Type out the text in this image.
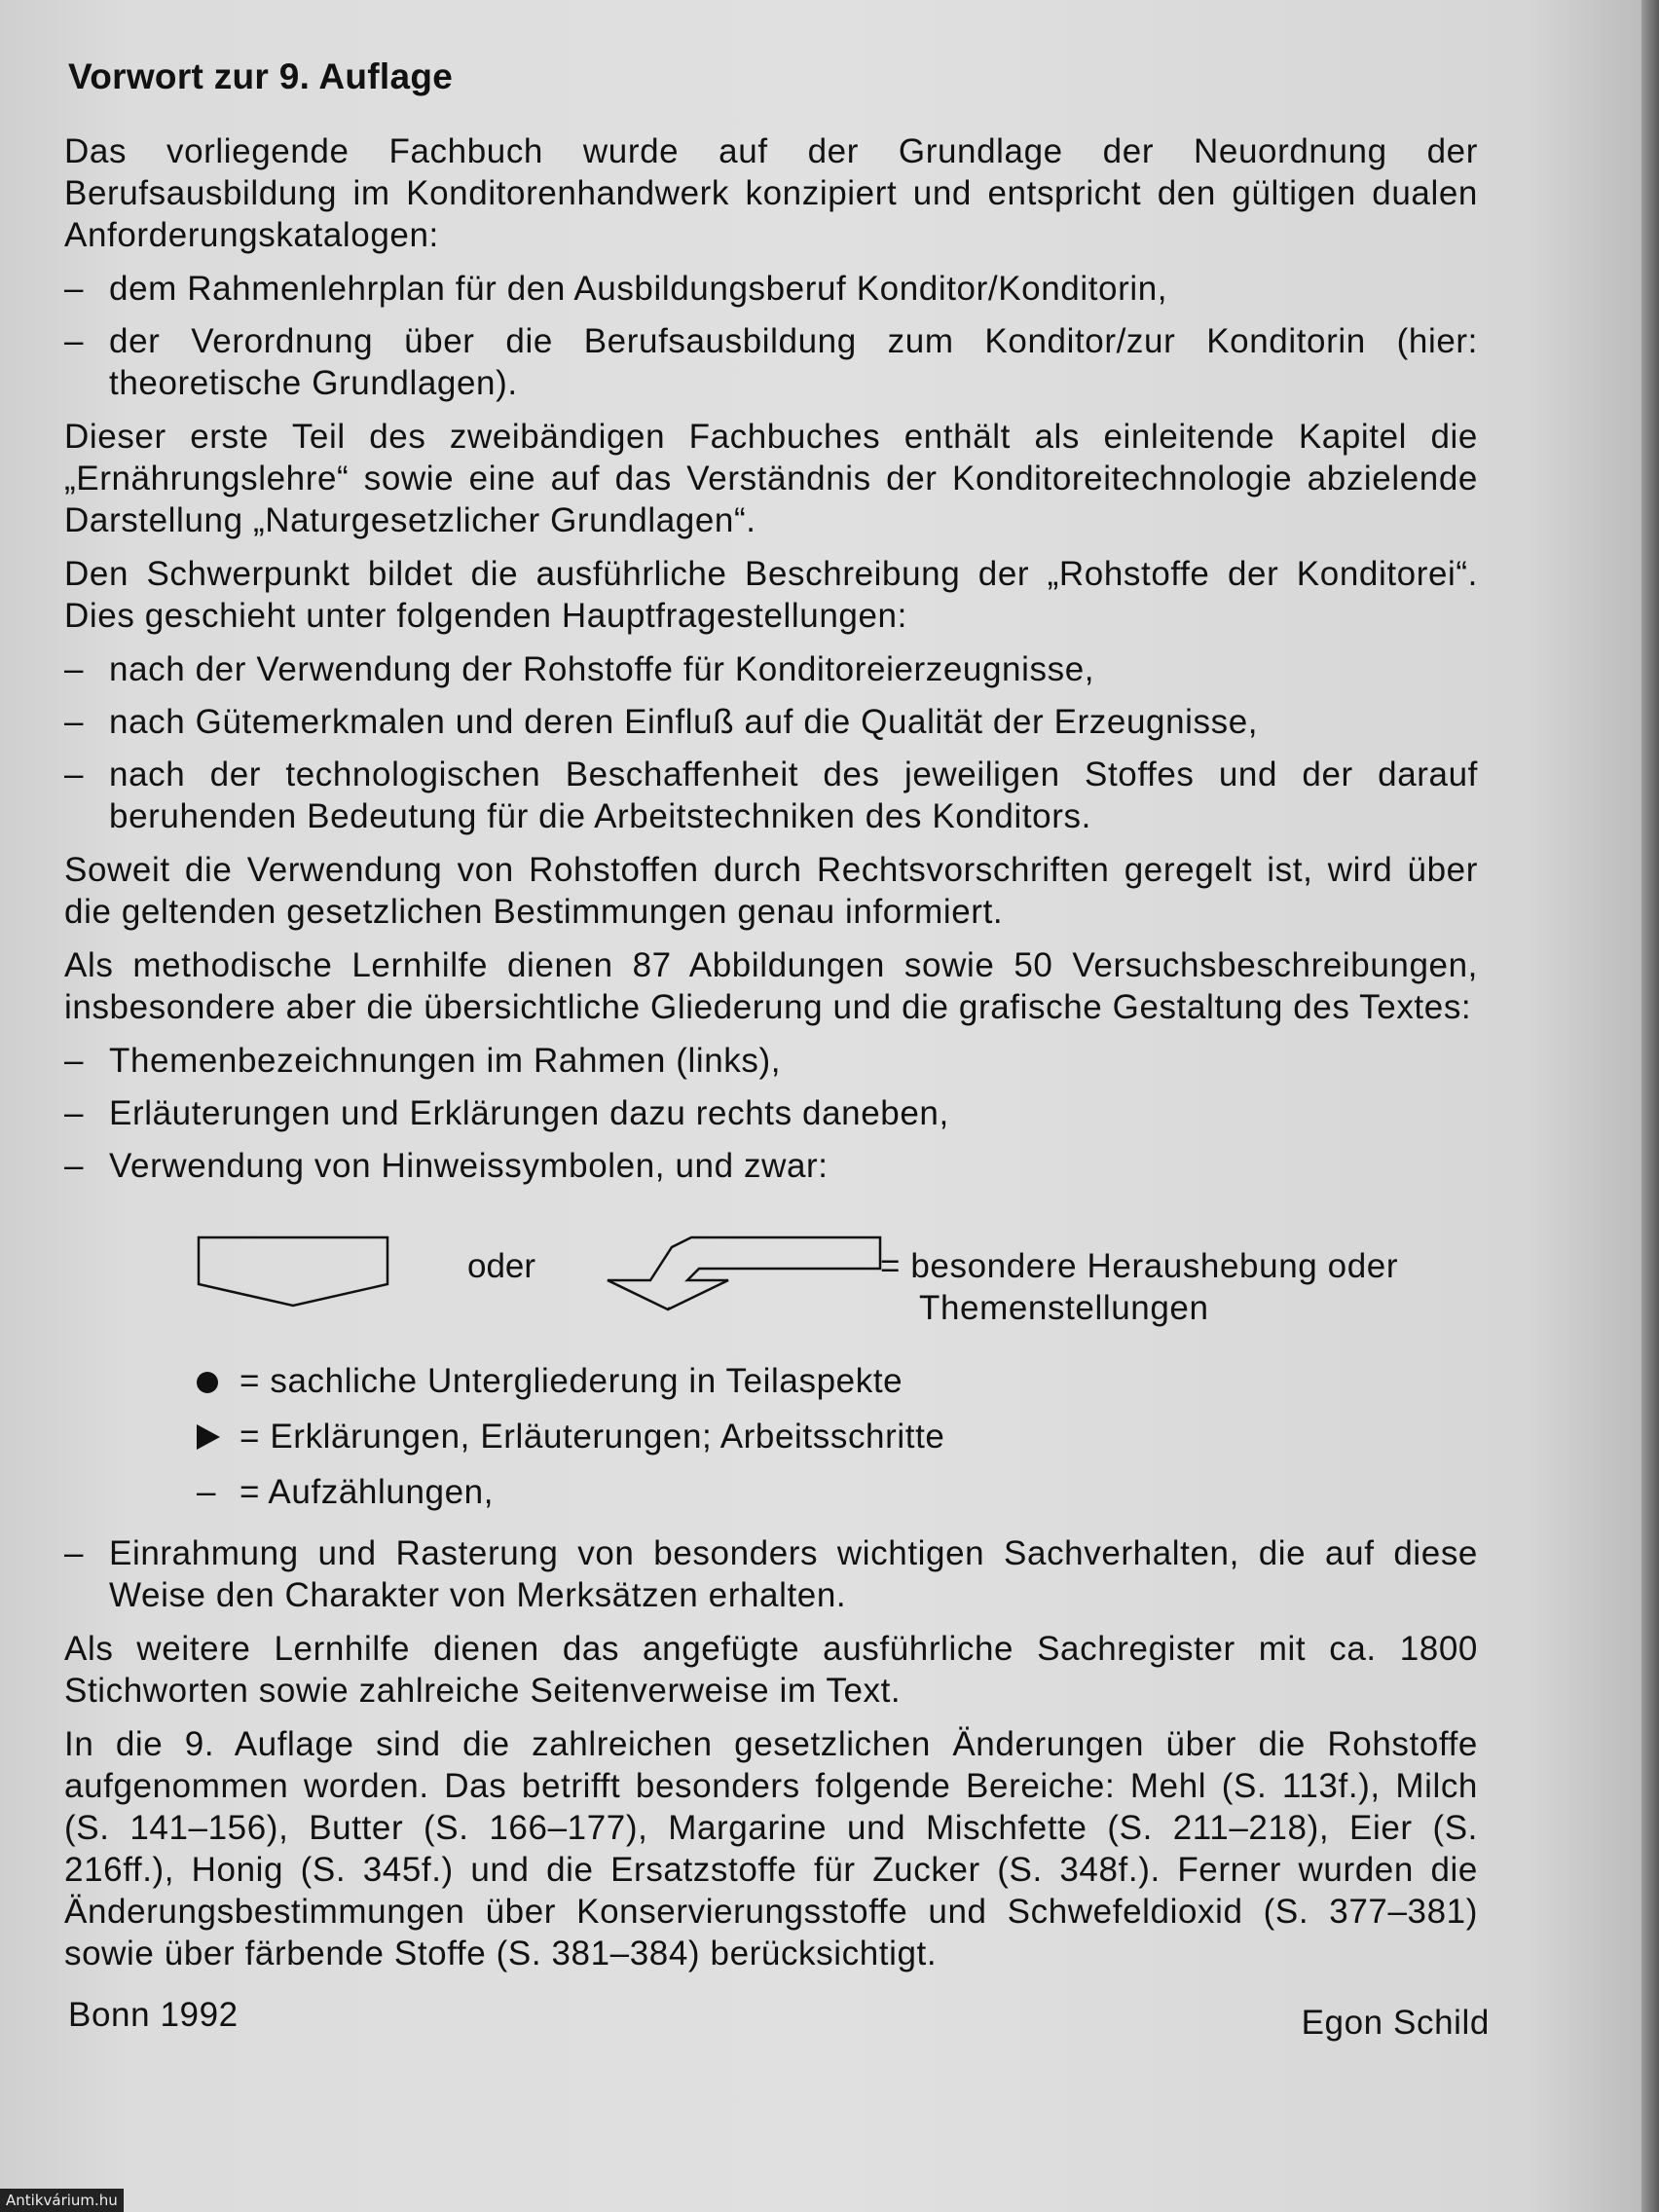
Vorwort zur 9. Auflage

Das vorliegende Fachbuch wurde auf der Grundlage der Neuordnung der Berufsausbildung im Konditorenhandwerk konzipiert und entspricht den gültigen dualen Anforderungskatalogen:

– dem Rahmenlehrplan für den Ausbildungsberuf Konditor/Konditorin,
– der Verordnung über die Berufsausbildung zum Konditor/zur Konditorin (hier: theoretische Grundlagen).

Dieser erste Teil des zweibändigen Fachbuches enthält als einleitende Kapitel die „Ernährungslehre“ sowie eine auf das Verständnis der Konditoreitechnologie abzielende Darstellung „Naturgesetzlicher Grundlagen“.

Den Schwerpunkt bildet die ausführliche Beschreibung der „Rohstoffe der Konditorei“. Dies geschieht unter folgenden Hauptfragestellungen:

– nach der Verwendung der Rohstoffe für Konditoreierzeugnisse,
– nach Gütemerkmalen und deren Einfluß auf die Qualität der Erzeugnisse,
– nach der technologischen Beschaffenheit des jeweiligen Stoffes und der darauf beruhenden Bedeutung für die Arbeitstechniken des Konditors.

Soweit die Verwendung von Rohstoffen durch Rechtsvorschriften geregelt ist, wird über die geltenden gesetzlichen Bestimmungen genau informiert.

Als methodische Lernhilfe dienen 87 Abbildungen sowie 50 Versuchsbeschreibungen, insbesondere aber die übersichtliche Gliederung und die grafische Gestaltung des Textes:

– Themenbezeichnungen im Rahmen (links),
– Erläuterungen und Erklärungen dazu rechts daneben,
– Verwendung von Hinweissymbolen, und zwar:
oder	= besondere Heraushebung oder
Themenstellungen
= sachliche Untergliederung in Teilaspekte
= Erklärungen, Erläuterungen; Arbeitsschritte
– = Aufzählungen,
– Einrahmung und Rasterung von besonders wichtigen Sachverhalten, die auf diese Weise den Charakter von Merksätzen erhalten.

Als weitere Lernhilfe dienen das angefügte ausführliche Sachregister mit ca. 1800 Stichworten sowie zahlreiche Seitenverweise im Text.

In die 9. Auflage sind die zahlreichen gesetzlichen Änderungen über die Rohstoffe aufgenommen worden. Das betrifft besonders folgende Bereiche: Mehl (S. 113f.), Milch (S. 141–156), Butter (S. 166–177), Margarine und Mischfette (S. 211–218), Eier (S. 216ff.), Honig (S. 345f.) und die Ersatzstoffe für Zucker (S. 348f.). Ferner wurden die Änderungsbestimmungen über Konservierungsstoffe und Schwefeldioxid (S. 377–381) sowie über färbende Stoffe (S. 381–384) berücksichtigt.

Bonn 1992	Egon Schild
Antikvárium.hu
